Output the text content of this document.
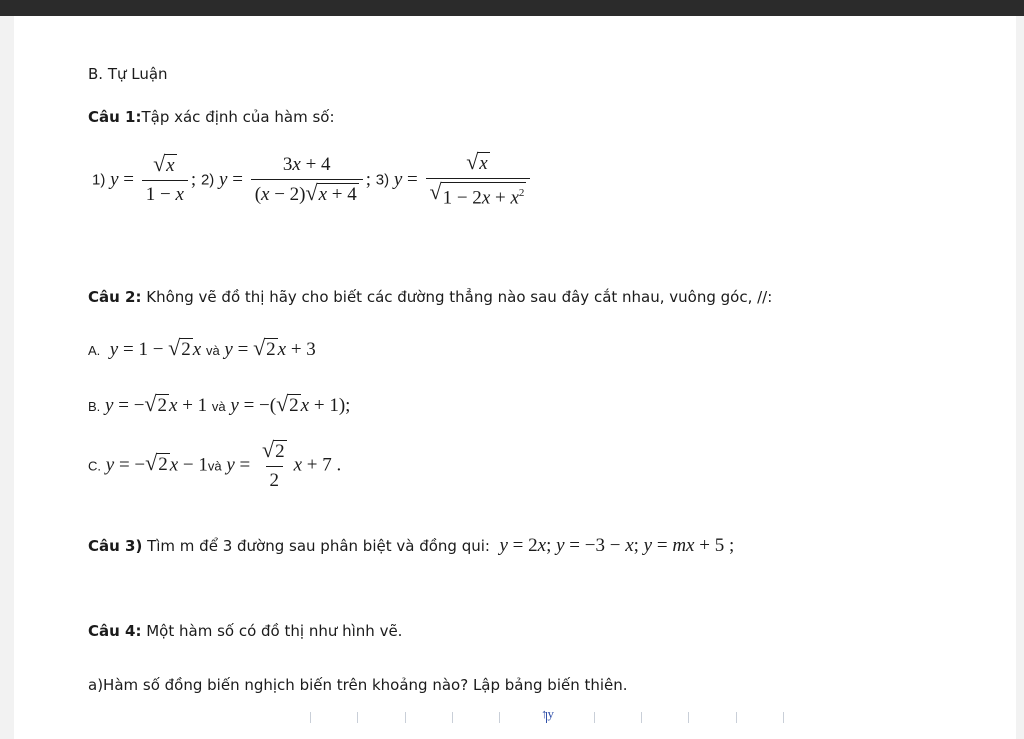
B. Tự Luận
Câu 1:Tập xác định của hàm số:
1) $y = \frac{√ x}{1 - x}$ ; 2) $y = \frac{3x + 4}{(x - 2) √ x + 4}$ ; 3) $y = \frac{√ x}{√ 1 - 2x + x^2}$
Câu 2: Không vẽ đồ thị hãy cho biết các đường thẳng nào sau đây cắt nhau, vuông góc, //:
A. y = 1 − √ 2 x và y = √ 2 x + 3
B. y = − √ 2 x + 1 và y = −( √ 2 x + 1);
C. y = − √ 2 x − 1và $y = \frac{√ 2}{2}$ x + 7 .
Câu 3) Tìm m để 3 đường sau phân biệt và đồng qui: y = 2x; y = −3 − x; y = mx + 5 ;
Câu 4: Một hàm số có đồ thị như hình vẽ.
a)Hàm số đồng biến nghịch biến trên khoảng nào? Lập bảng biến thiên.
↑y
